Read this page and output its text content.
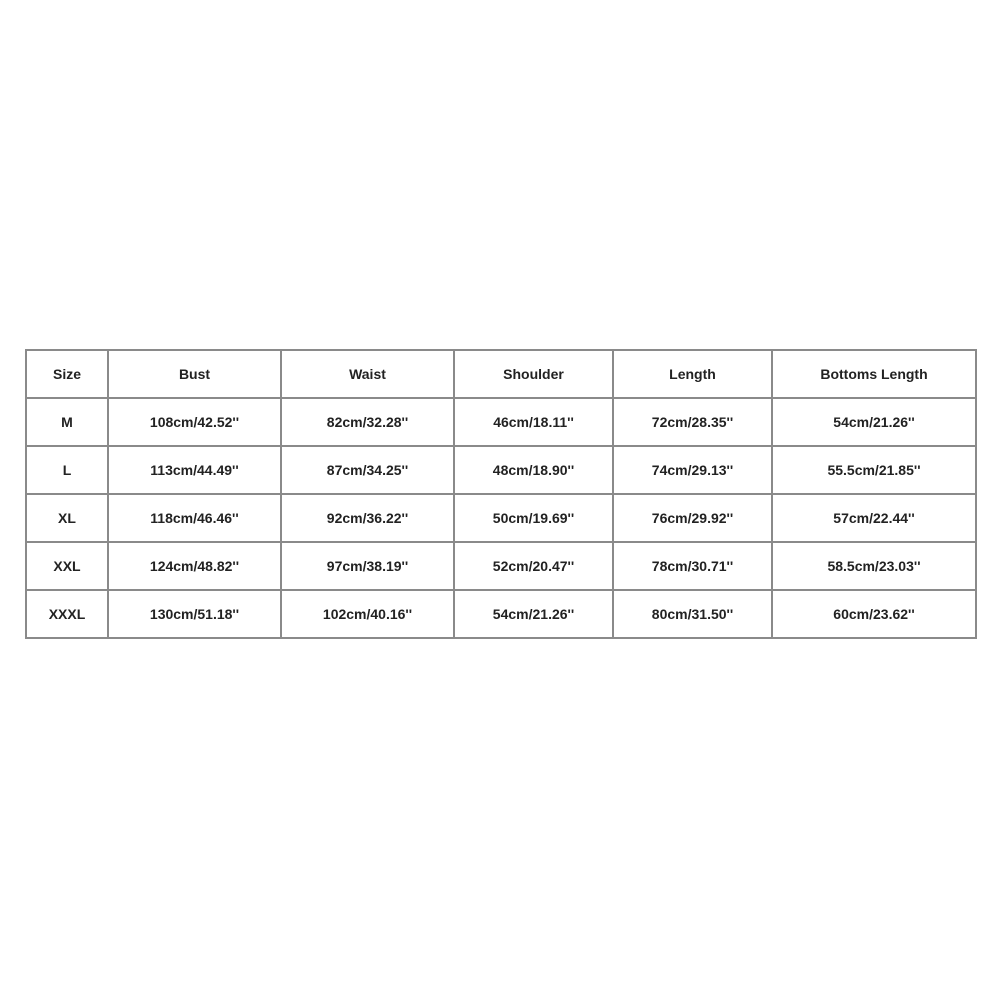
Size	Bust	Waist	Shoulder	Length	Bottoms Length
M	108cm/42.52''	82cm/32.28''	46cm/18.11''	72cm/28.35''	54cm/21.26''
L	113cm/44.49''	87cm/34.25''	48cm/18.90''	74cm/29.13''	55.5cm/21.85''
XL	118cm/46.46''	92cm/36.22''	50cm/19.69''	76cm/29.92''	57cm/22.44''
XXL	124cm/48.82''	97cm/38.19''	52cm/20.47''	78cm/30.71''	58.5cm/23.03''
XXXL	130cm/51.18''	102cm/40.16''	54cm/21.26''	80cm/31.50''	60cm/23.62''
